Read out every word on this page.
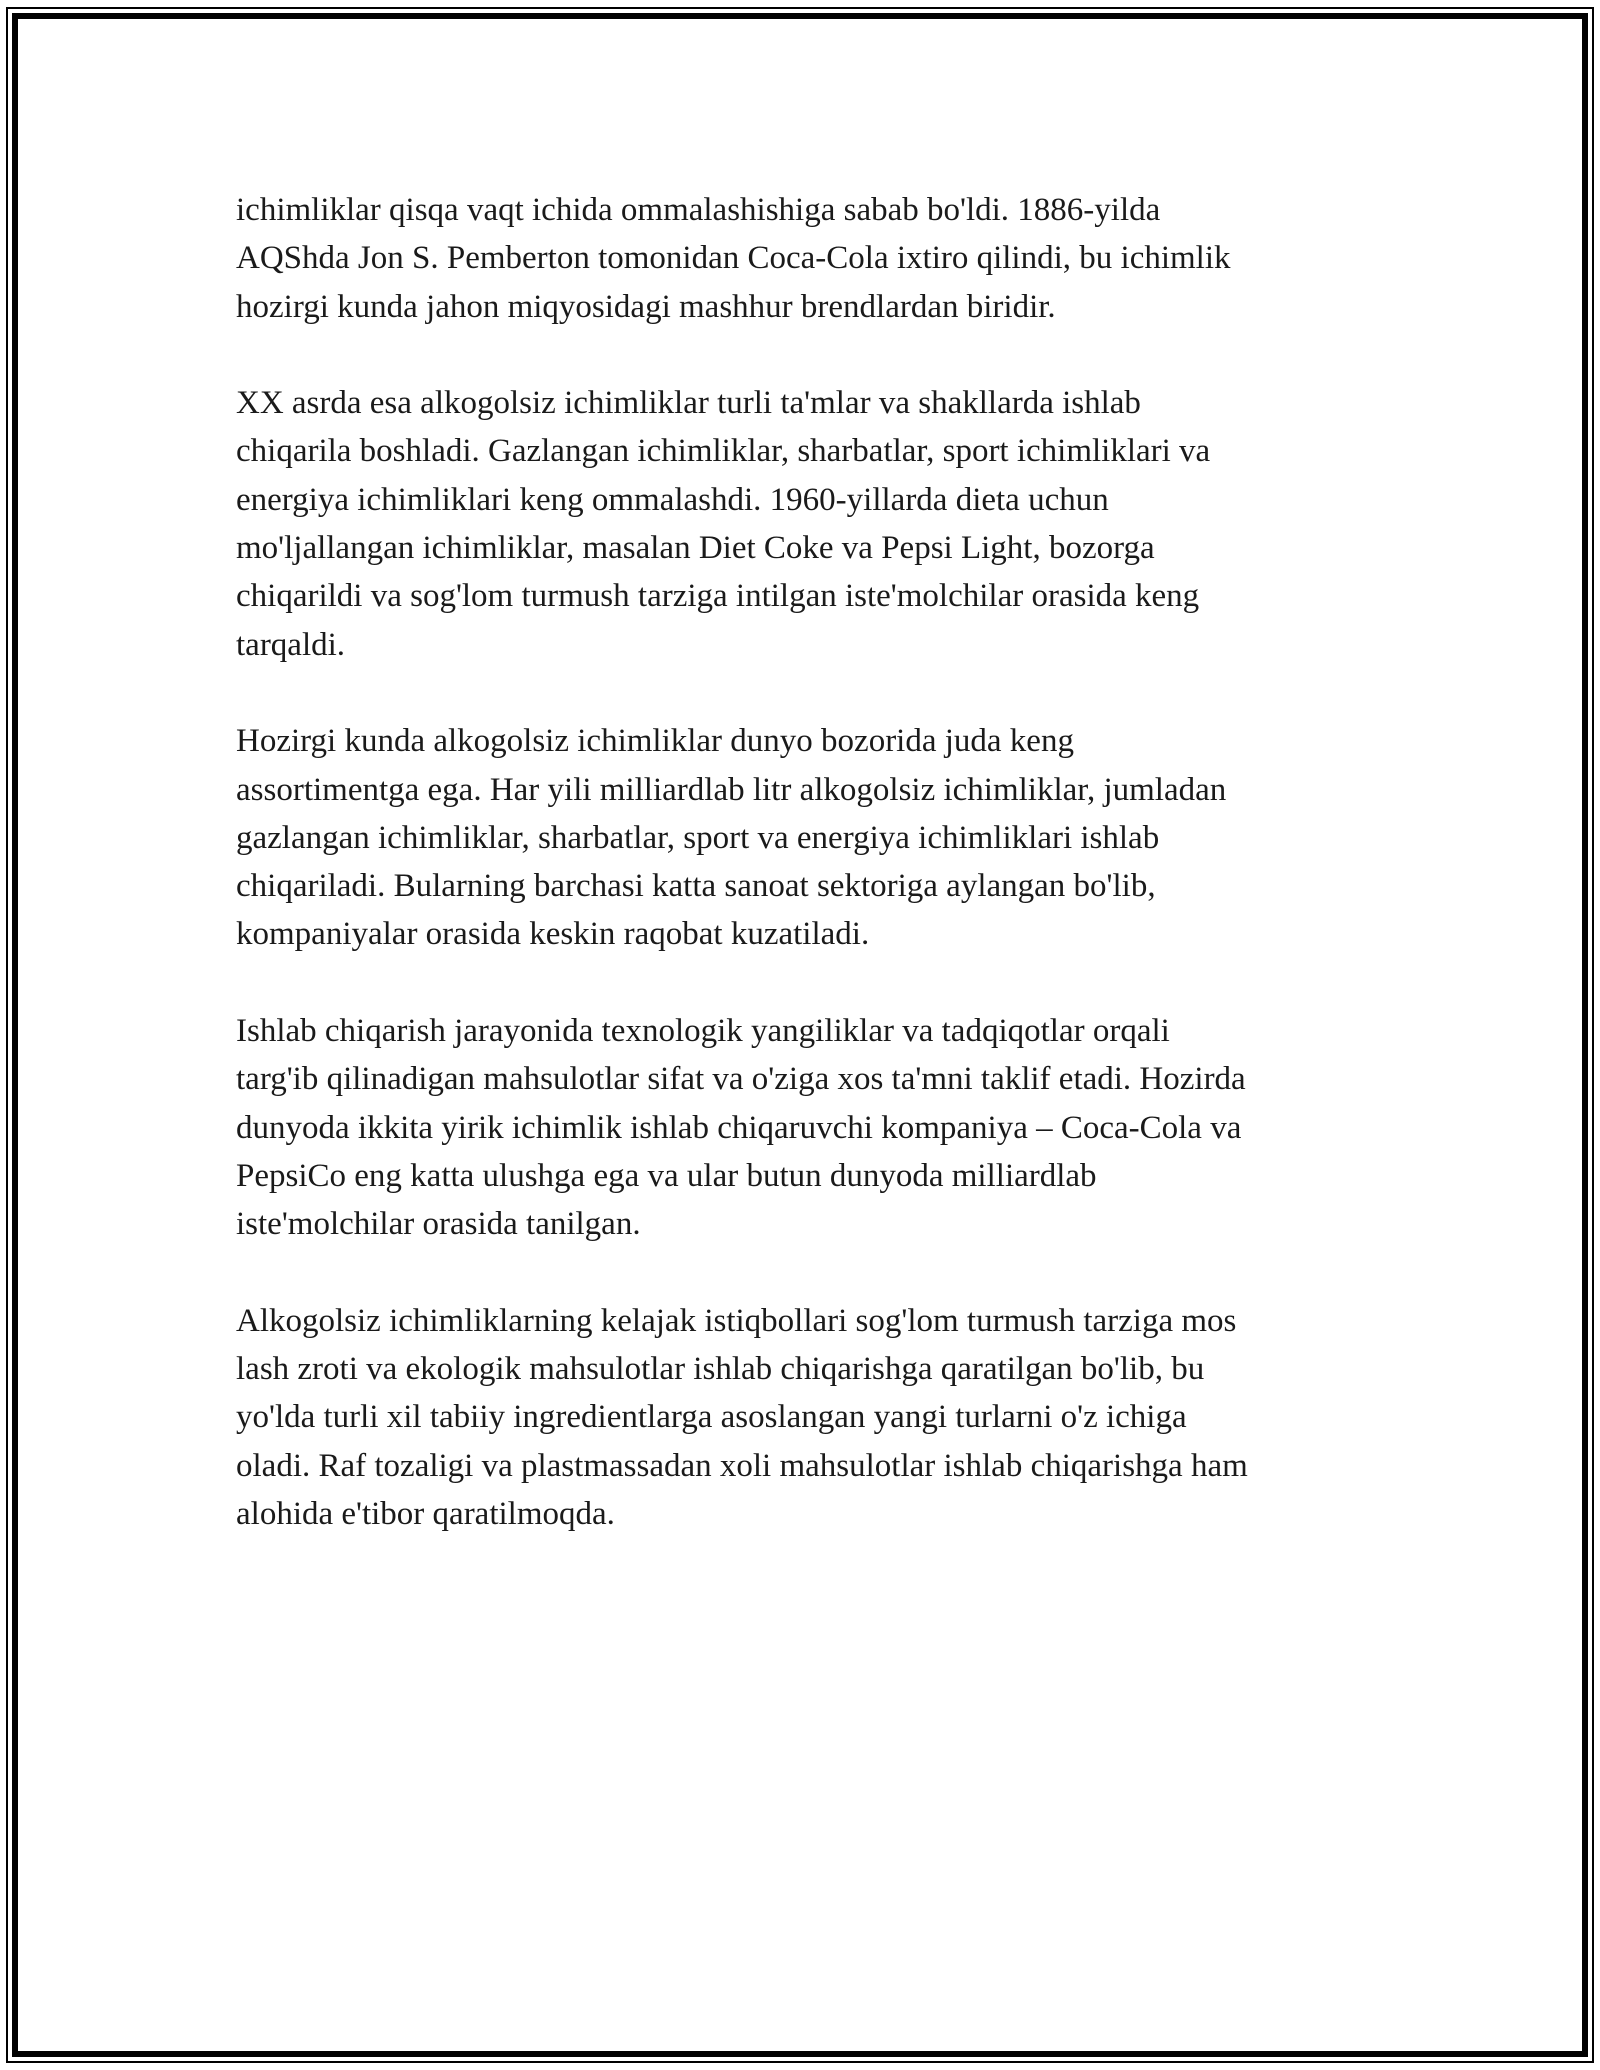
ichimliklar qisqa vaqt ichida ommalashishiga sabab bo'ldi. 1886-yilda
AQShda Jon S. Pemberton tomonidan Coca-Cola ixtiro qilindi, bu ichimlik
hozirgi kunda jahon miqyosidagi mashhur brendlardan biridir.

XX asrda esa alkogolsiz ichimliklar turli ta'mlar va shakllarda ishlab
chiqarila boshladi. Gazlangan ichimliklar, sharbatlar, sport ichimliklari va
energiya ichimliklari keng ommalashdi. 1960-yillarda dieta uchun
mo'ljallangan ichimliklar, masalan Diet Coke va Pepsi Light, bozorga
chiqarildi va sog'lom turmush tarziga intilgan iste'molchilar orasida keng
tarqaldi.

Hozirgi kunda alkogolsiz ichimliklar dunyo bozorida juda keng
assortimentga ega. Har yili milliardlab litr alkogolsiz ichimliklar, jumladan
gazlangan ichimliklar, sharbatlar, sport va energiya ichimliklari ishlab
chiqariladi. Bularning barchasi katta sanoat sektoriga aylangan bo'lib,
kompaniyalar orasida keskin raqobat kuzatiladi.

Ishlab chiqarish jarayonida texnologik yangiliklar va tadqiqotlar orqali
targ'ib qilinadigan mahsulotlar sifat va o'ziga xos ta'mni taklif etadi. Hozirda
dunyoda ikkita yirik ichimlik ishlab chiqaruvchi kompaniya – Coca-Cola va
PepsiCo eng katta ulushga ega va ular butun dunyoda milliardlab
iste'molchilar orasida tanilgan.

Alkogolsiz ichimliklarning kelajak istiqbollari sog'lom turmush tarziga mos
lash zroti va ekologik mahsulotlar ishlab chiqarishga qaratilgan bo'lib, bu
yo'lda turli xil tabiiy ingredientlarga asoslangan yangi turlarni o'z ichiga
oladi. Raf tozaligi va plastmassadan xoli mahsulotlar ishlab chiqarishga ham
alohida e'tibor qaratilmoqda.
